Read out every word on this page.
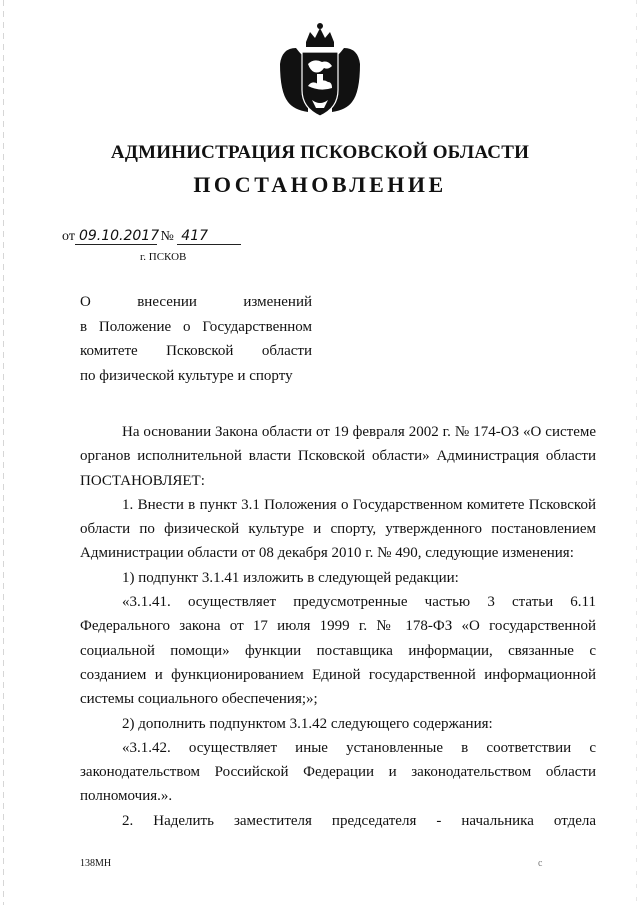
АДМИНИСТРАЦИЯ ПСКОВСКОЙ ОБЛАСТИ
ПОСТАНОВЛЕНИЕ
от 09.10.2017 № 417
г. ПСКОВ
О внесении изменений
в Положение о Государственном
комитете Псковской области
по физической культуре и спорту

На основании Закона области от 19 февраля 2002 г. № 174-ОЗ «О системе органов исполнительной власти Псковской области» Администрация области ПОСТАНОВЛЯЕТ:

1. Внести в пункт 3.1 Положения о Государственном комитете Псковской области по физической культуре и спорту, утвержденного постановлением Администрации области от 08 декабря 2010 г. № 490, следующие изменения:

1) подпункт 3.1.41 изложить в следующей редакции:

«3.1.41. осуществляет предусмотренные частью 3 статьи 6.11 Федерального закона от 17 июля 1999 г. № 178-ФЗ «О государственной социальной помощи» функции поставщика информации, связанные с созданием и функционированием Единой государственной информационной системы социального обеспечения;»;

2) дополнить подпунктом 3.1.42 следующего содержания:

«3.1.42. осуществляет иные установленные в соответствии с законодательством Российской Федерации и законодательством области полномочия.».

2. Наделить заместителя председателя - начальника отдела

138МН	c
